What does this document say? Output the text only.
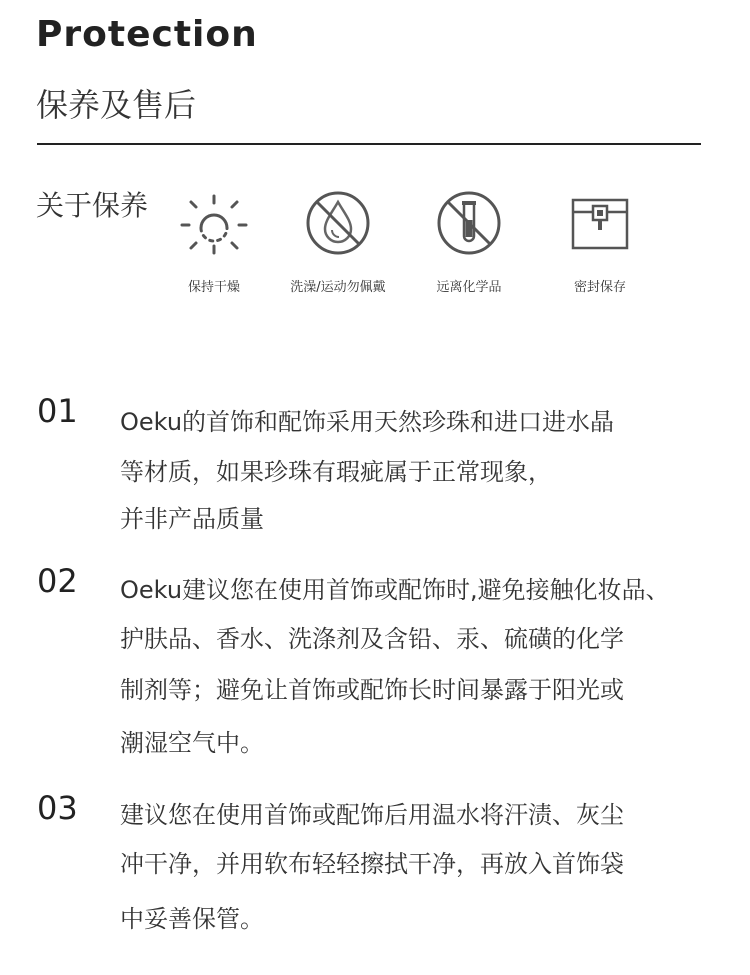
Protection
保养及售后
关于保养
保持干燥	洗澡/运动勿佩戴	远离化学品	密封保存
01 Oeku的首饰和配饰采用天然珍珠和进口进水晶
等材质，如果珍珠有瑕疵属于正常现象，
并非产品质量
02 Oeku建议您在使用首饰或配饰时,避免接触化妆品、
护肤品、香水、洗涤剂及含铅、汞、硫磺的化学
制剂等；避免让首饰或配饰长时间暴露于阳光或
潮湿空气中。
03 建议您在使用首饰或配饰后用温水将汗渍、灰尘
冲干净，并用软布轻轻擦拭干净，再放入首饰袋
中妥善保管。
